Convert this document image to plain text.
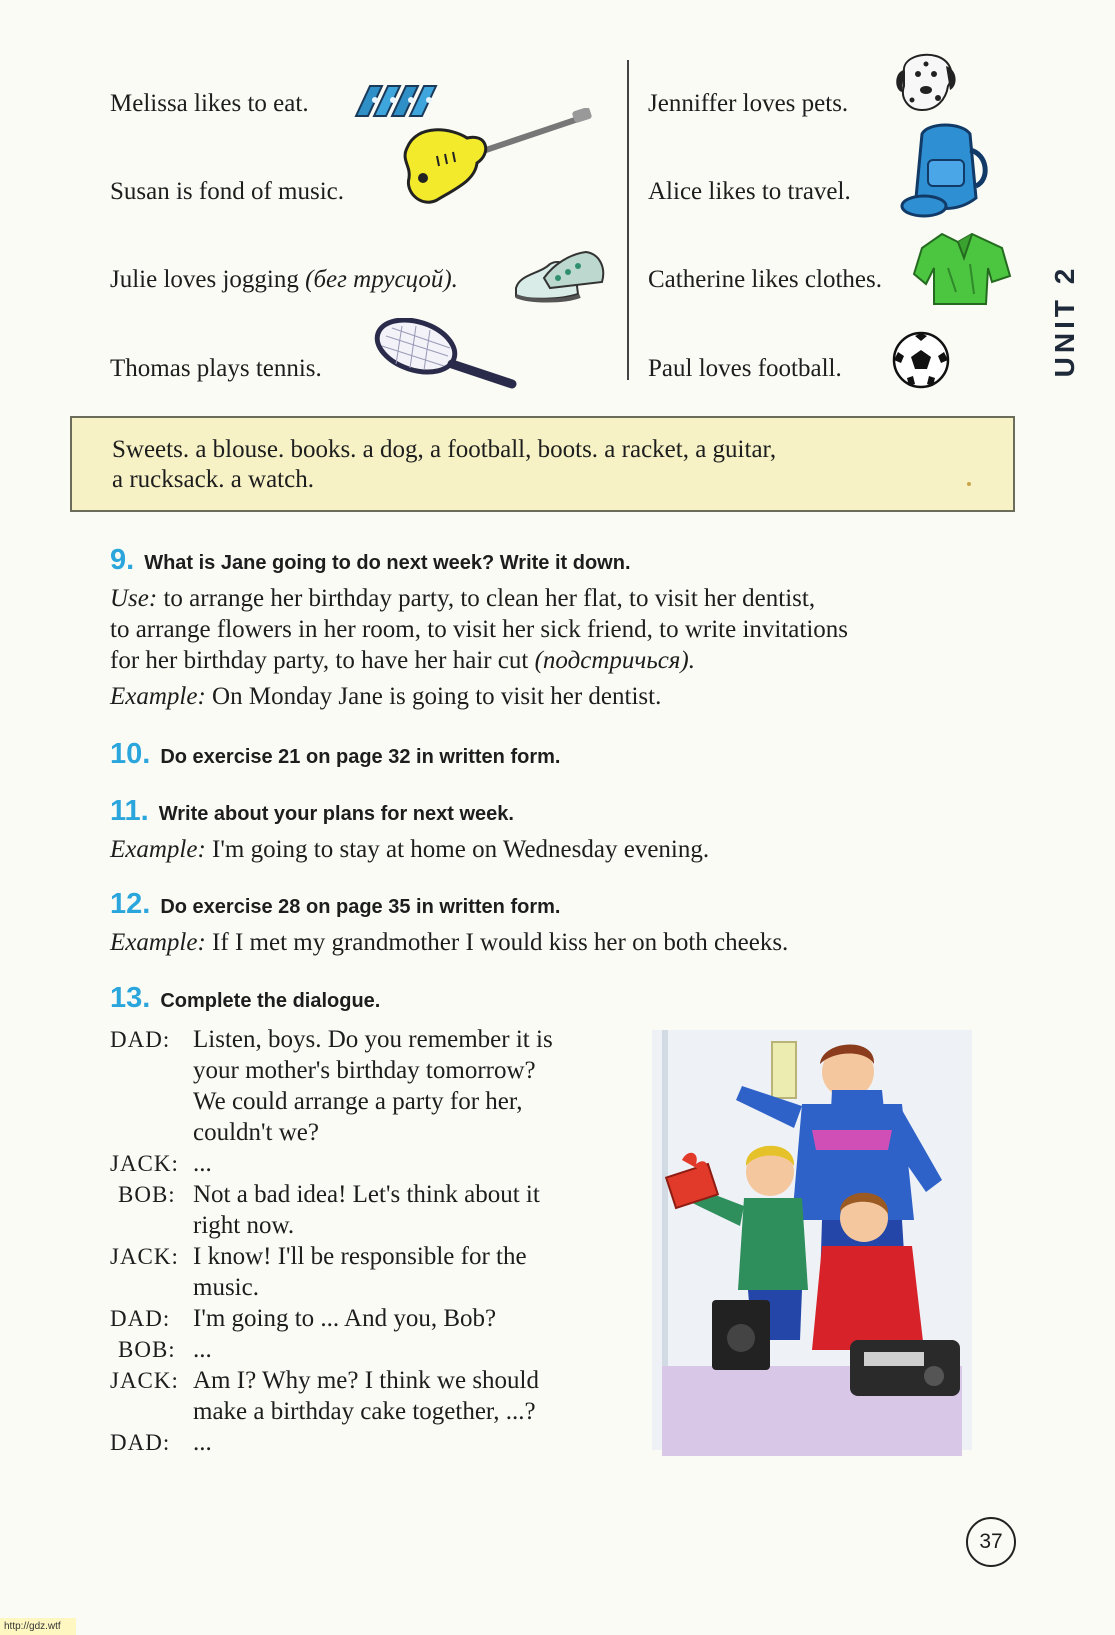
Melissa likes to eat.
Susan is fond of music.
Julie loves jogging (бег трусцой).
Thomas plays tennis.
Jenniffer loves pets.
Alice likes to travel.
Catherine likes clothes.
Paul loves football.	UNIT 2
Sweets. a blouse. books. a dog, a football, boots. a racket, a guitar,
a rucksack. a watch.
9. What is Jane going to do next week? Write it down.
Use: to arrange her birthday party, to clean her flat, to visit her dentist,
to arrange flowers in her room, to visit her sick friend, to write invitations
for her birthday party, to have her hair cut (подстричься).
Example: On Monday Jane is going to visit her dentist.
10. Do exercise 21 on page 32 in written form.
11. Write about your plans for next week.
Example: I'm going to stay at home on Wednesday evening.
12. Do exercise 28 on page 35 in written form.
Example: If I met my grandmother I would kiss her on both cheeks.
13. Complete the dialogue.
DAD: Listen, boys. Do you remember it is
your mother's birthday tomorrow?
We could arrange a party for her,
couldn't we?
JACK: ...
BOB: Not a bad idea! Let's think about it
right now.
JACK: I know! I'll be responsible for the
music.
DAD: I'm going to ... And you, Bob?
BOB: ...
JACK: Am I? Why me? I think we should
make a birthday cake together, ...?
DAD: ...
37
http://gdz.wtf
